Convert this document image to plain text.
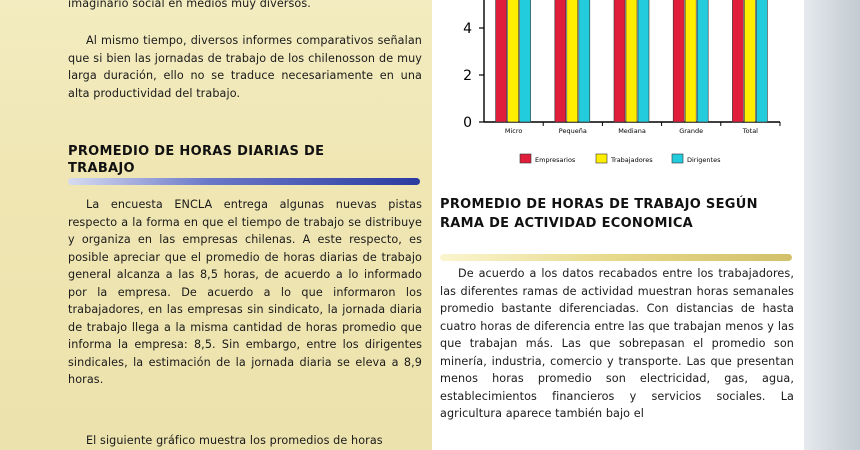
imaginario social en medios muy diversos.

Al mismo tiempo, diversos informes comparativos señalan que si bien las jornadas de trabajo de los chilenosson de muy larga duración, ello no se traduce necesariamente en una alta productividad del trabajo.

PROMEDIO DE HORAS DIARIAS DE TRABAJO

La encuesta ENCLA entrega algunas nuevas pistas respecto a la forma en que el tiempo de trabajo se distribuye y organiza en las empresas chilenas. A este respecto, es posible apreciar que el promedio de horas diarias de trabajo general alcanza a las 8,5 horas, de acuerdo a lo informado por la empresa. De acuerdo a lo que informaron los trabajadores, en las empresas sin sindicato, la jornada diaria de trabajo llega a la misma cantidad de horas promedio que informa la empresa: 8,5. Sin embargo, entre los dirigentes sindicales, la estimación de la jornada diaria se eleva a 8,9 horas.

El siguiente gráfico muestra los promedios de horas

0
2
4
Micro	Pequeña	Mediana	Grande	Total
Empresarios	Trabajadores	Dirigentes
PROMEDIO DE HORAS DE TRABAJO SEGÚN RAMA DE ACTIVIDAD ECONOMICA

De acuerdo a los datos recabados entre los trabajadores, las diferentes ramas de actividad muestran horas semanales promedio bastante diferenciadas. Con distancias de hasta cuatro horas de diferencia entre las que trabajan menos y las que trabajan más. Las que sobrepasan el promedio son minería, industria, comercio y transporte. Las que presentan menos horas promedio son electricidad, gas, agua, establecimientos financieros y servicios sociales. La agricultura aparece también bajo el
